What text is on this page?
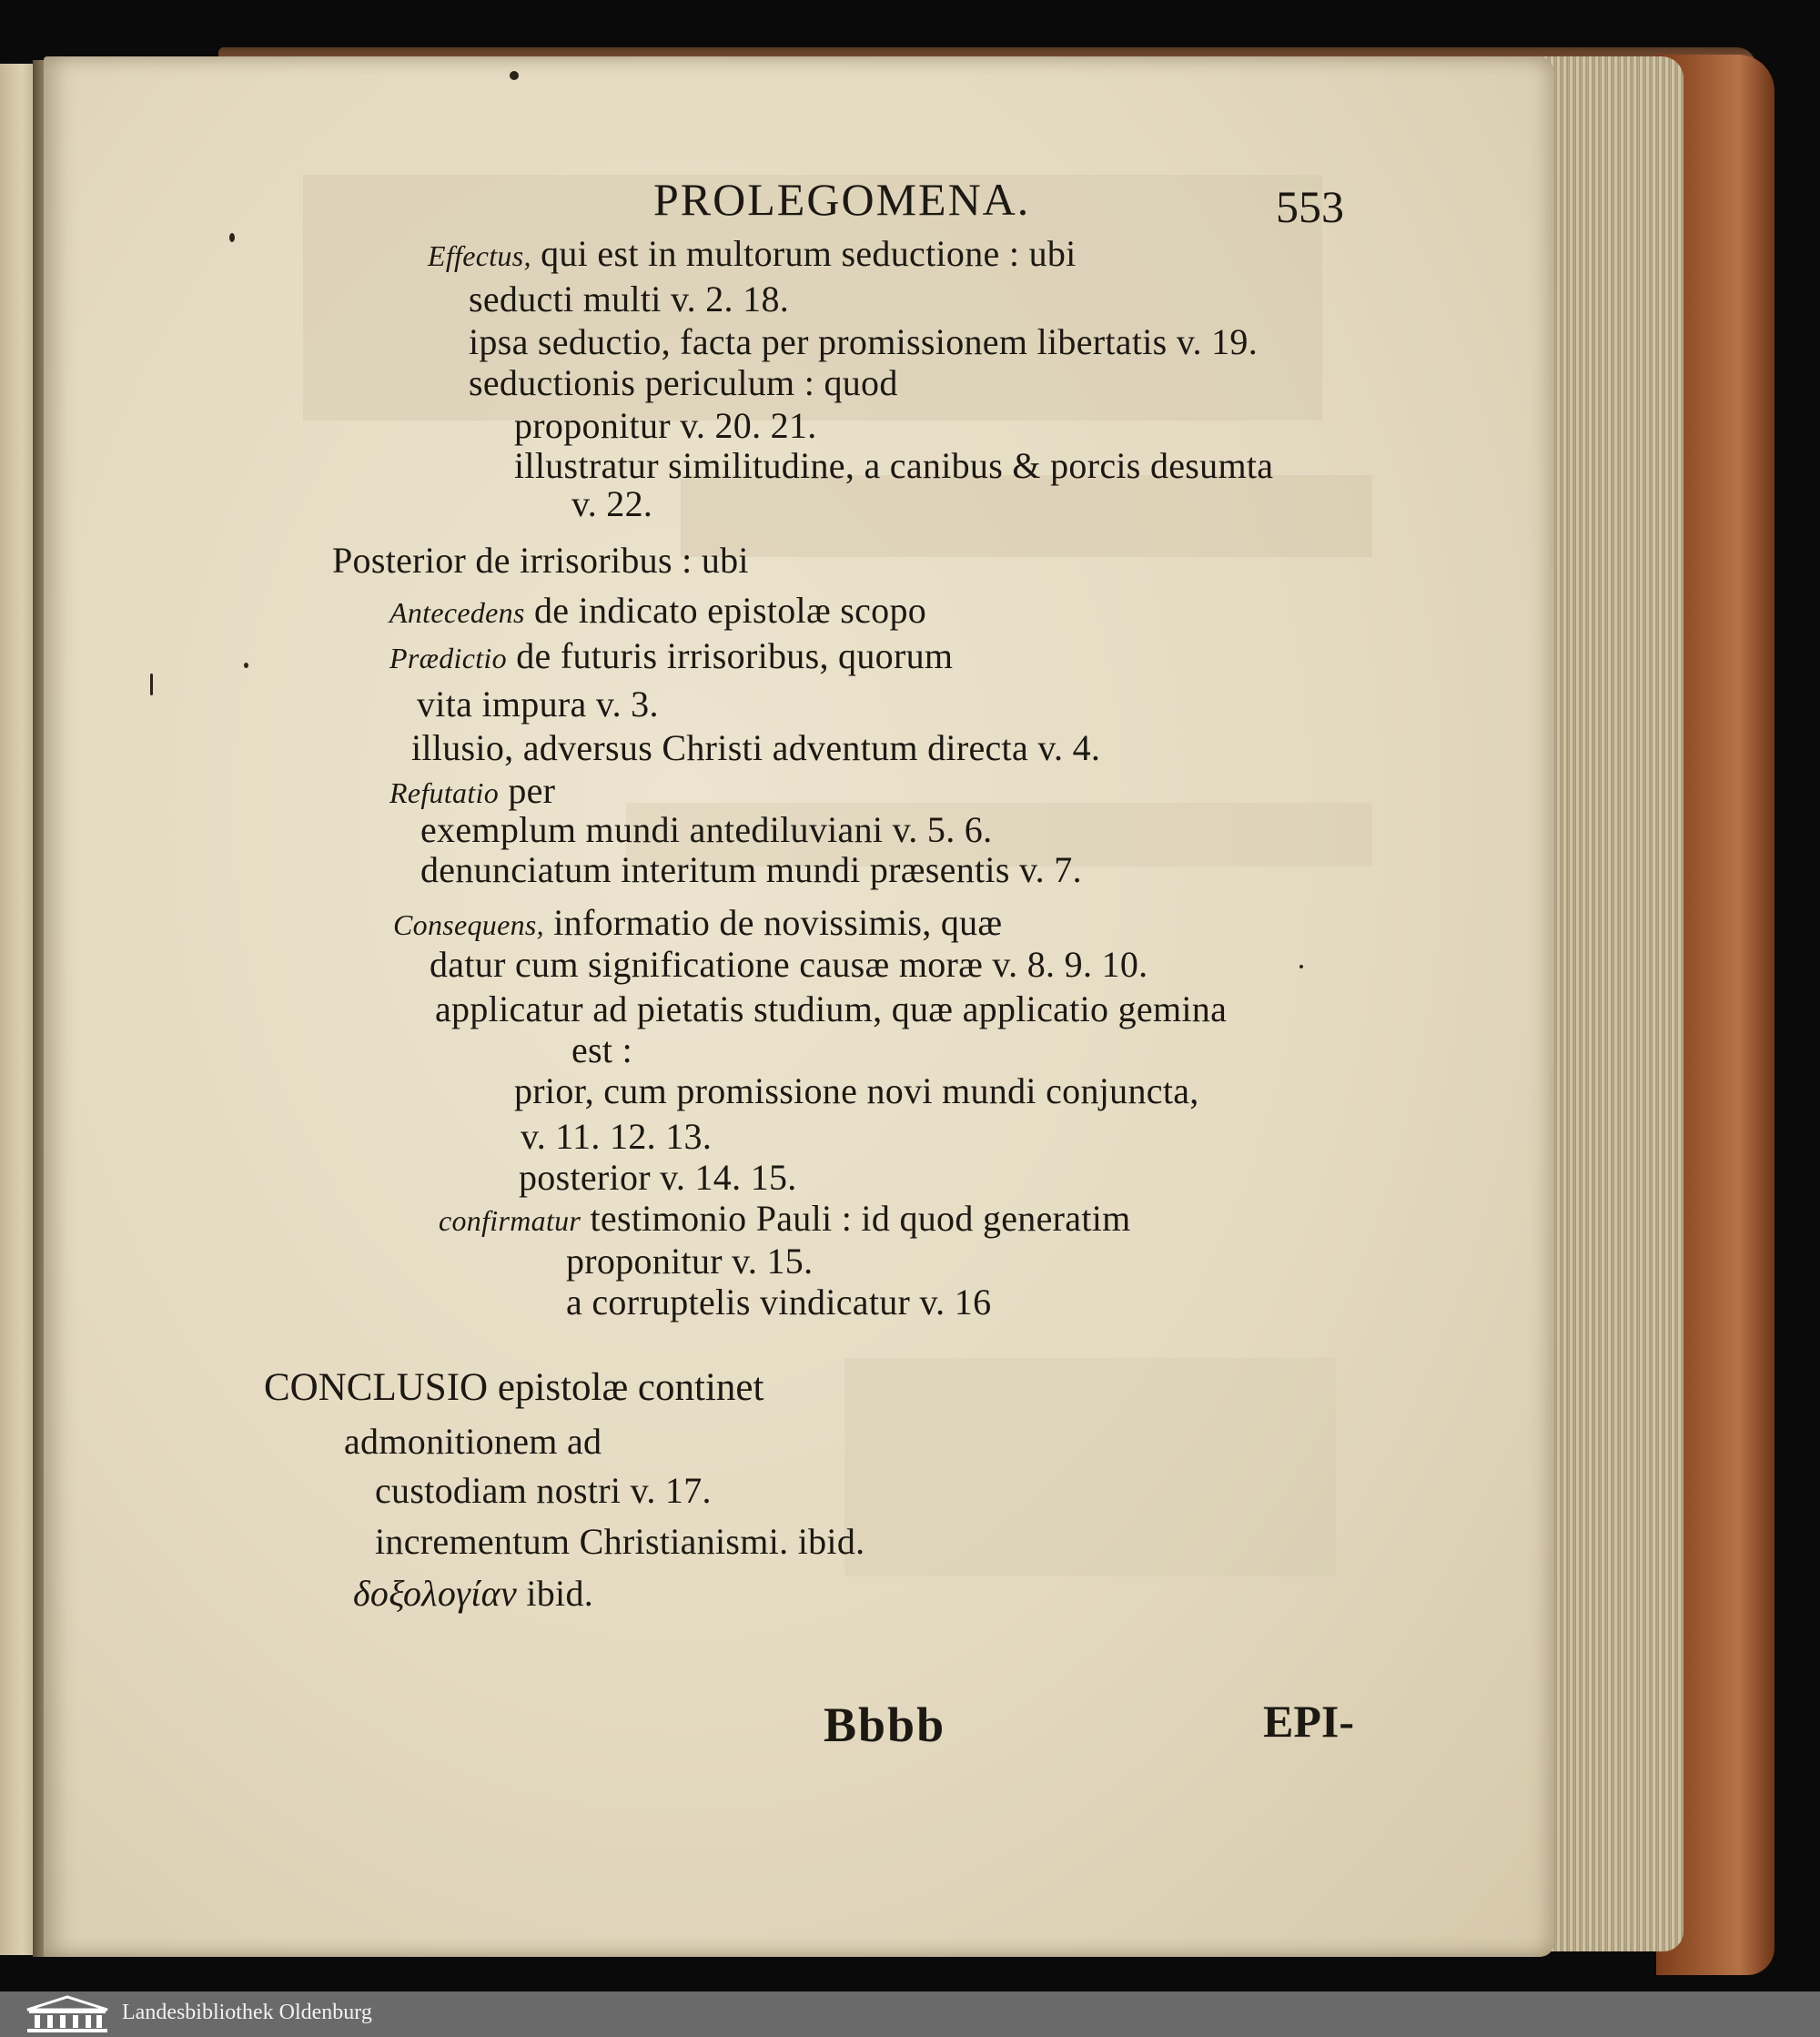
PROLEGOMENA.	553
Effectus, qui est in multorum seductione : ubi
seducti multi v. 2. 18.
ipsa seductio, facta per promissionem libertatis v. 19.
seductionis periculum : quod
proponitur v. 20. 21.
illustratur similitudine, a canibus & porcis desumta
v. 22.
Posterior de irrisoribus : ubi
Antecedens de indicato epistolæ scopo
Prædictio de futuris irrisoribus, quorum
vita impura v. 3.
illusio, adversus Christi adventum directa v. 4.
Refutatio per
exemplum mundi antediluviani v. 5. 6.
denunciatum interitum mundi præsentis v. 7.
Consequens, informatio de novissimis, quæ
datur cum significatione causæ moræ v. 8. 9. 10.
applicatur ad pietatis studium, quæ applicatio gemina
est :
prior, cum promissione novi mundi conjuncta,
v. 11. 12. 13.
posterior v. 14. 15.
confirmatur testimonio Pauli : id quod generatim
proponitur v. 15.
a corruptelis vindicatur v. 16
CONCLUSIO epistolæ continet
admonitionem ad
custodiam nostri v. 17.
incrementum Christianismi. ibid.
δοξολογίαν ibid.
Bbbb	EPI-
Landesbibliothek Oldenburg
